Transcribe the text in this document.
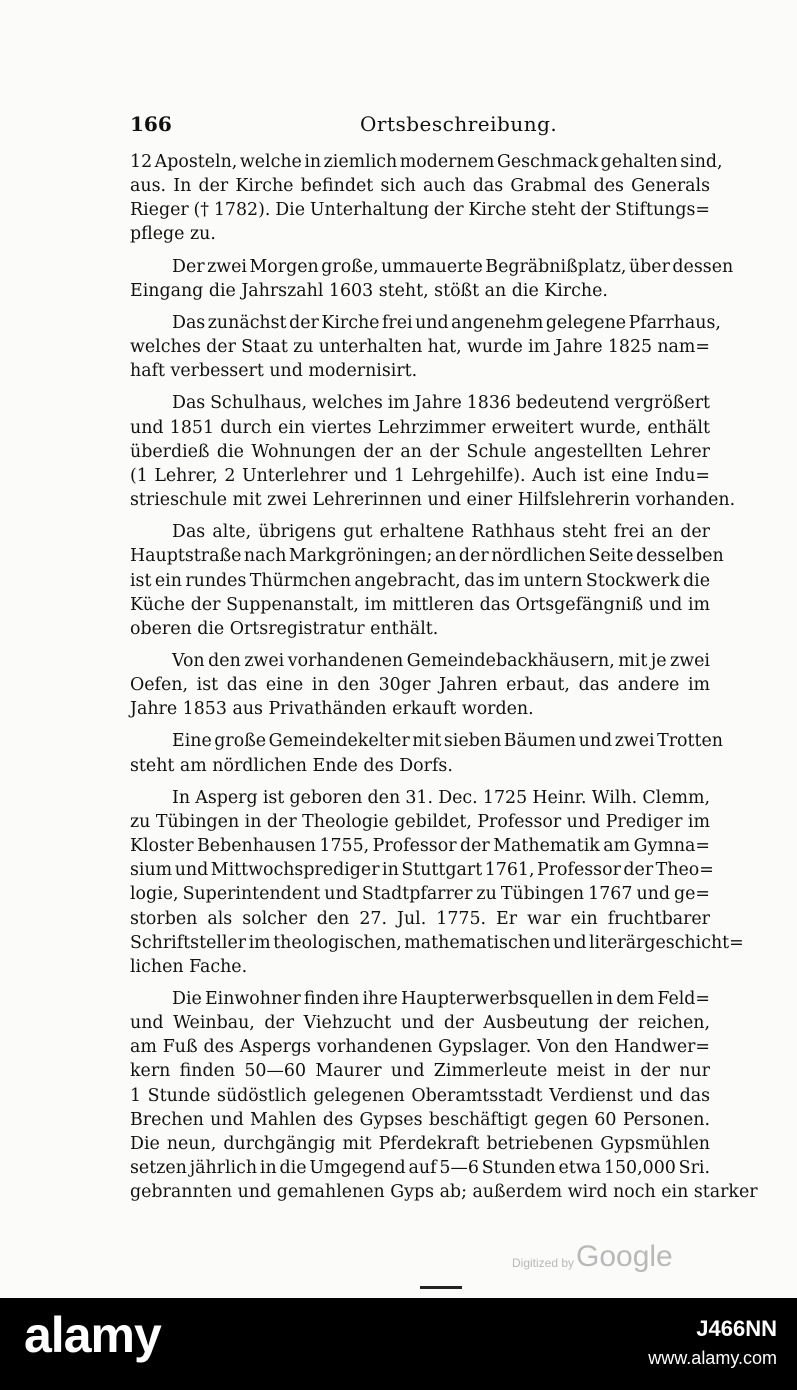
166	Ortsbeschreibung.

12 Aposteln, welche in ziemlich modernem Geschmack gehalten sind,
aus. In der Kirche befindet sich auch das Grabmal des Generals
Rieger († 1782). Die Unterhaltung der Kirche steht der Stiftungs=
pflege zu.

Der zwei Morgen große, ummauerte Begräbnißplatz, über dessen
Eingang die Jahrszahl 1603 steht, stößt an die Kirche.

Das zunächst der Kirche frei und angenehm gelegene Pfarrhaus,
welches der Staat zu unterhalten hat, wurde im Jahre 1825 nam=
haft verbessert und modernisirt.

Das Schulhaus, welches im Jahre 1836 bedeutend vergrößert
und 1851 durch ein viertes Lehrzimmer erweitert wurde, enthält
überdieß die Wohnungen der an der Schule angestellten Lehrer
(1 Lehrer, 2 Unterlehrer und 1 Lehrgehilfe). Auch ist eine Indu=
strieschule mit zwei Lehrerinnen und einer Hilfslehrerin vorhanden.

Das alte, übrigens gut erhaltene Rathhaus steht frei an der
Hauptstraße nach Markgröningen; an der nördlichen Seite desselben
ist ein rundes Thürmchen angebracht, das im untern Stockwerk die
Küche der Suppenanstalt, im mittleren das Ortsgefängniß und im
oberen die Ortsregistratur enthält.

Von den zwei vorhandenen Gemeindebackhäusern, mit je zwei
Oefen, ist das eine in den 30ger Jahren erbaut, das andere im
Jahre 1853 aus Privathänden erkauft worden.

Eine große Gemeindekelter mit sieben Bäumen und zwei Trotten
steht am nördlichen Ende des Dorfs.

In Asperg ist geboren den 31. Dec. 1725 Heinr. Wilh. Clemm,
zu Tübingen in der Theologie gebildet, Professor und Prediger im
Kloster Bebenhausen 1755, Professor der Mathematik am Gymna=
sium und Mittwochsprediger in Stuttgart 1761, Professor der Theo=
logie, Superintendent und Stadtpfarrer zu Tübingen 1767 und ge=
storben als solcher den 27. Jul. 1775. Er war ein fruchtbarer
Schriftsteller im theologischen, mathematischen und literärgeschicht=
lichen Fache.

Die Einwohner finden ihre Haupterwerbsquellen in dem Feld=
und Weinbau, der Viehzucht und der Ausbeutung der reichen,
am Fuß des Aspergs vorhandenen Gypslager. Von den Handwer=
kern finden 50—60 Maurer und Zimmerleute meist in der nur
1 Stunde südöstlich gelegenen Oberamtsstadt Verdienst und das
Brechen und Mahlen des Gypses beschäftigt gegen 60 Personen.
Die neun, durchgängig mit Pferdekraft betriebenen Gypsmühlen
setzen jährlich in die Umgegend auf 5—6 Stunden etwa 150,000 Sri.
gebrannten und gemahlenen Gyps ab; außerdem wird noch ein starker

Digitized by Google
alamy	J466NN
www.alamy.com
